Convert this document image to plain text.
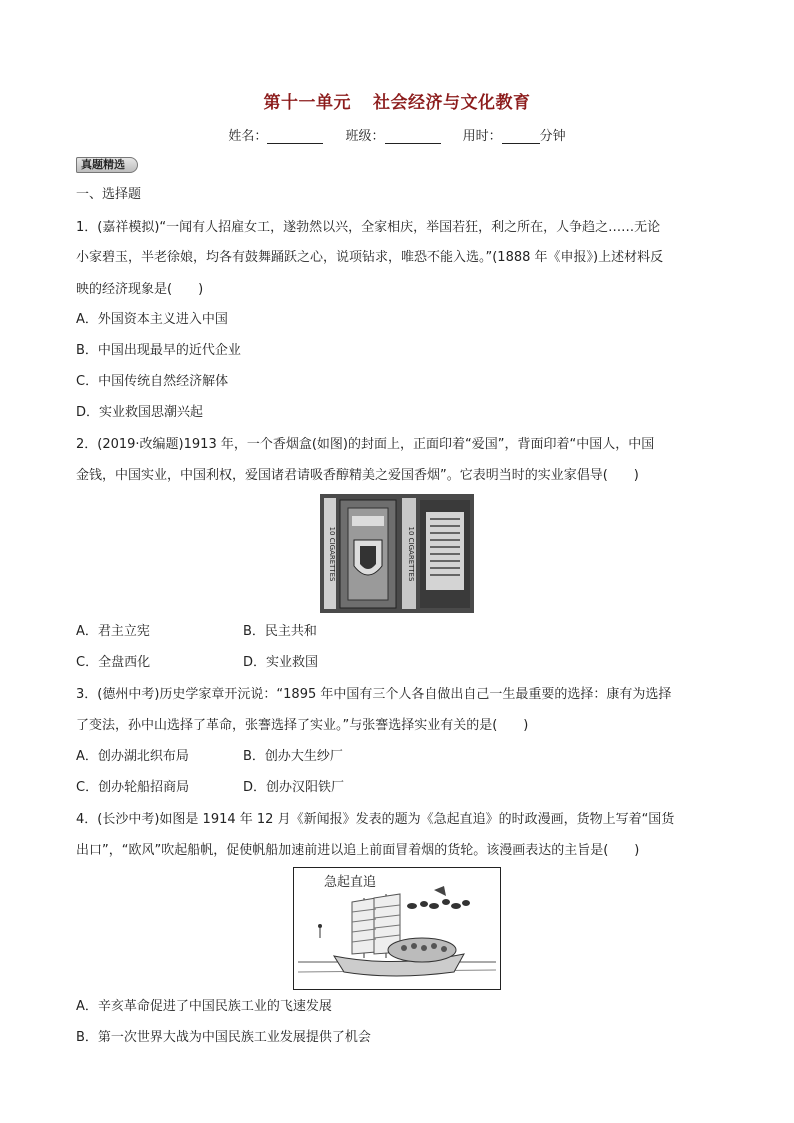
第十一单元 社会经济与文化教育
姓名：	班级：	用时：	分钟
真题精选
一、选择题
1．(嘉祥模拟)“一闻有人招雇女工，遂勃然以兴，全家相庆，举国若狂，利之所在，人争趋之……无论
小家碧玉，半老徐娘，均各有鼓舞踊跃之心，说项钻求，唯恐不能入选。”(1888 年《申报》)上述材料反
映的经济现象是(　　)
A．外国资本主义进入中国
B．中国出现最早的近代企业
C．中国传统自然经济解体
D．实业救国思潮兴起
2．(2019·改编题)1913 年，一个香烟盒(如图)的封面上，正面印着“爱国”，背面印着“中国人，中国
金钱，中国实业，中国利权，爱国诸君请吸香醇精美之爱国香烟”。它表明当时的实业家倡导(　　)
10 CIGARETTES	10 CIGARETTES
A．君主立宪	B．民主共和
C．全盘西化	D．实业救国
3．(德州中考)历史学家章开沅说：“1895 年中国有三个人各自做出自己一生最重要的选择：康有为选择
了变法，孙中山选择了革命，张謇选择了实业。”与张謇选择实业有关的是(　　)
A．创办湖北织布局	B．创办大生纱厂
C．创办轮船招商局	D．创办汉阳铁厂
4．(长沙中考)如图是 1914 年 12 月《新闻报》发表的题为《急起直追》的时政漫画，货物上写着“国货
出口”，“欧风”吹起船帆，促使帆船加速前进以追上前面冒着烟的货轮。该漫画表达的主旨是(　　)
急起直追
A．辛亥革命促进了中国民族工业的飞速发展
B．第一次世界大战为中国民族工业发展提供了机会
